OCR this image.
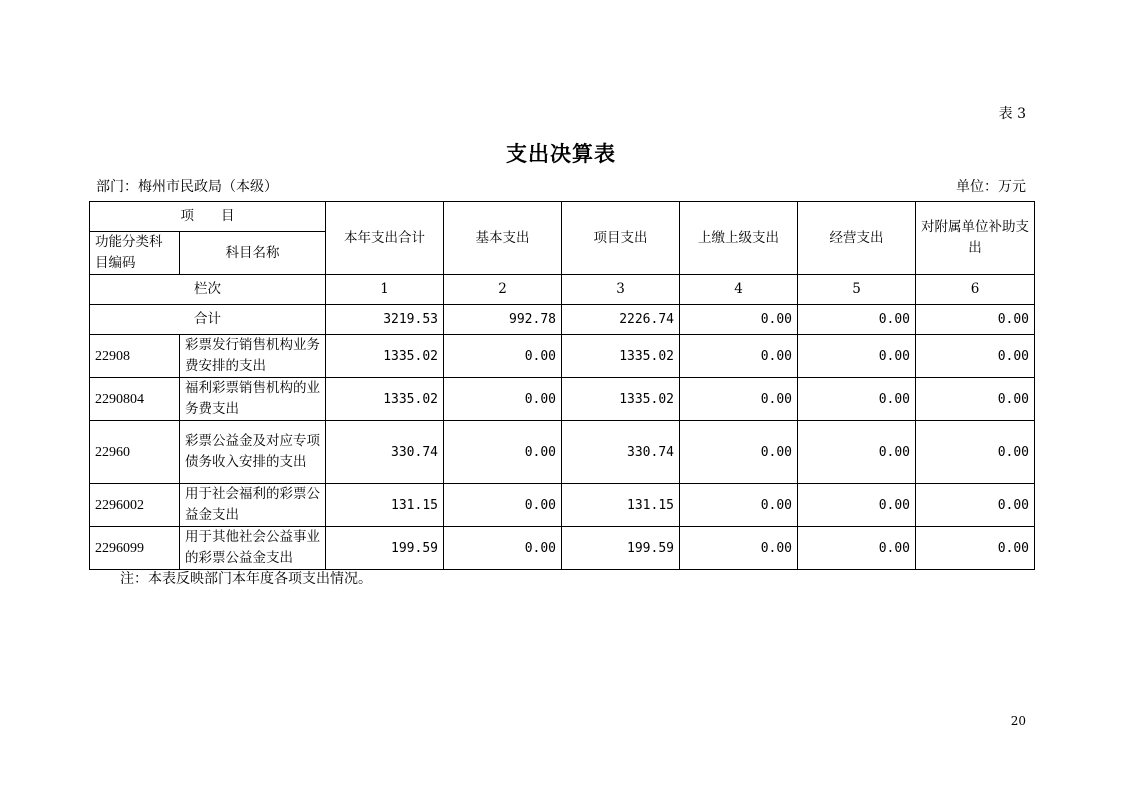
表 3
支出决算表
部门：梅州市民政局（本级）	单位：万元
项　　目		本年支出合计	基本支出	项目支出	上缴上级支出	经营支出	对附属单位补助支出
功能分类科目编码	科目名称						
栏次		1	2	3	4	5	6
合计		3219.53	992.78	2226.74	0.00	0.00	0.00
22908	彩票发行销售机构业务费安排的支出	1335.02	0.00	1335.02	0.00	0.00	0.00
2290804	福利彩票销售机构的业务费支出	1335.02	0.00	1335.02	0.00	0.00	0.00
22960	彩票公益金及对应专项债务收入安排的支出	330.74	0.00	330.74	0.00	0.00	0.00
2296002	用于社会福利的彩票公益金支出	131.15	0.00	131.15	0.00	0.00	0.00
2296099	用于其他社会公益事业的彩票公益金支出	199.59	0.00	199.59	0.00	0.00	0.00
注：本表反映部门本年度各项支出情况。
20
